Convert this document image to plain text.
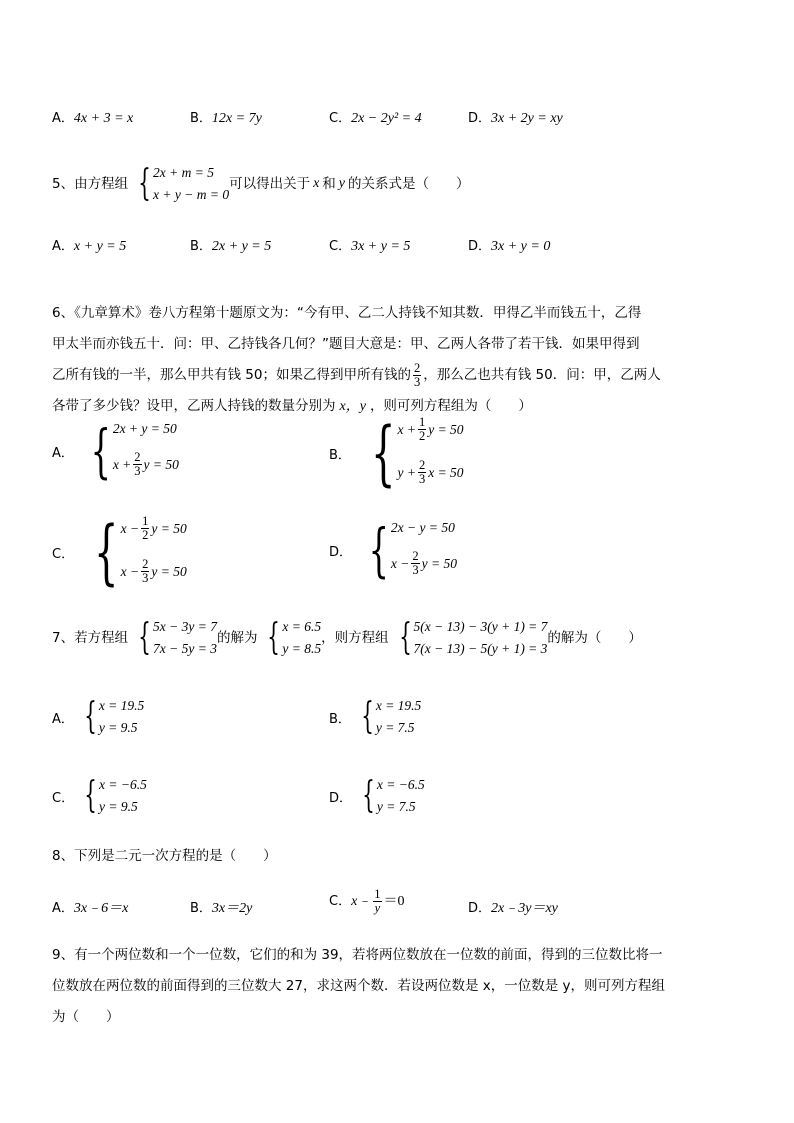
A．4x + 3 = x	B．12x = 7y	C．2x − 2y² = 4	D．3x + 2y = xy
5、由方程组 { 2x + m = 5
x + y − m = 0
可以得出关于 x 和 y 的关系式是（　　）
A．x + y = 5	B．2x + y = 5	C．3x + y = 5	D．3x + y = 0
6、《九章算术》卷八方程第十题原文为：“今有甲、乙二人持钱不知其数．甲得乙半而钱五十，乙得
甲太半而亦钱五十．问：甲、乙持钱各几何？”题目大意是：甲、乙两人各带了若干钱．如果甲得到
乙所有钱的一半，那么甲共有钱 50；如果乙得到甲所有钱的 $\frac{2}{3}$ ，那么乙也共有钱 50．问：甲，乙两人
各带了多少钱？设甲，乙两人持钱的数量分别为 x，y ，则可列方程组为（　　）
A． { 2x + y = 50
$x + \frac{2}{3}$ y = 50
B． { $x + \frac{1}{2}$ y = 50
$y + \frac{2}{3}$ x = 50
C． { $x - \frac{1}{2}$ y = 50
$x - \frac{2}{3}$ y = 50
D． { 2x − y = 50
$x - \frac{2}{3}$ y = 50
7、若方程组 { 5x − 3y = 7
7x − 5y = 3
的解为 { x = 6.5
y = 8.5
，则方程组 { 5(x − 13) − 3(y + 1) = 7
7(x − 13) − 5(y + 1) = 3
的解为（　　）
A． { x = 19.5
y = 9.5
B． { x = 19.5
y = 7.5
C． { x = −6.5
y = 9.5
D． { x = −6.5
y = 7.5
8、下列是二元一次方程的是（　　）
A．3x﹣6＝x	B．3x＝2y	C． x﹣ $\frac{1}{y} =0$	D．2x﹣3y＝xy
9、有一个两位数和一个一位数，它们的和为 39，若将两位数放在一位数的前面，得到的三位数比将一
位数放在两位数的前面得到的三位数大 27，求这两个数．若设两位数是 x，一位数是 y，则可列方程组
为（　　）
